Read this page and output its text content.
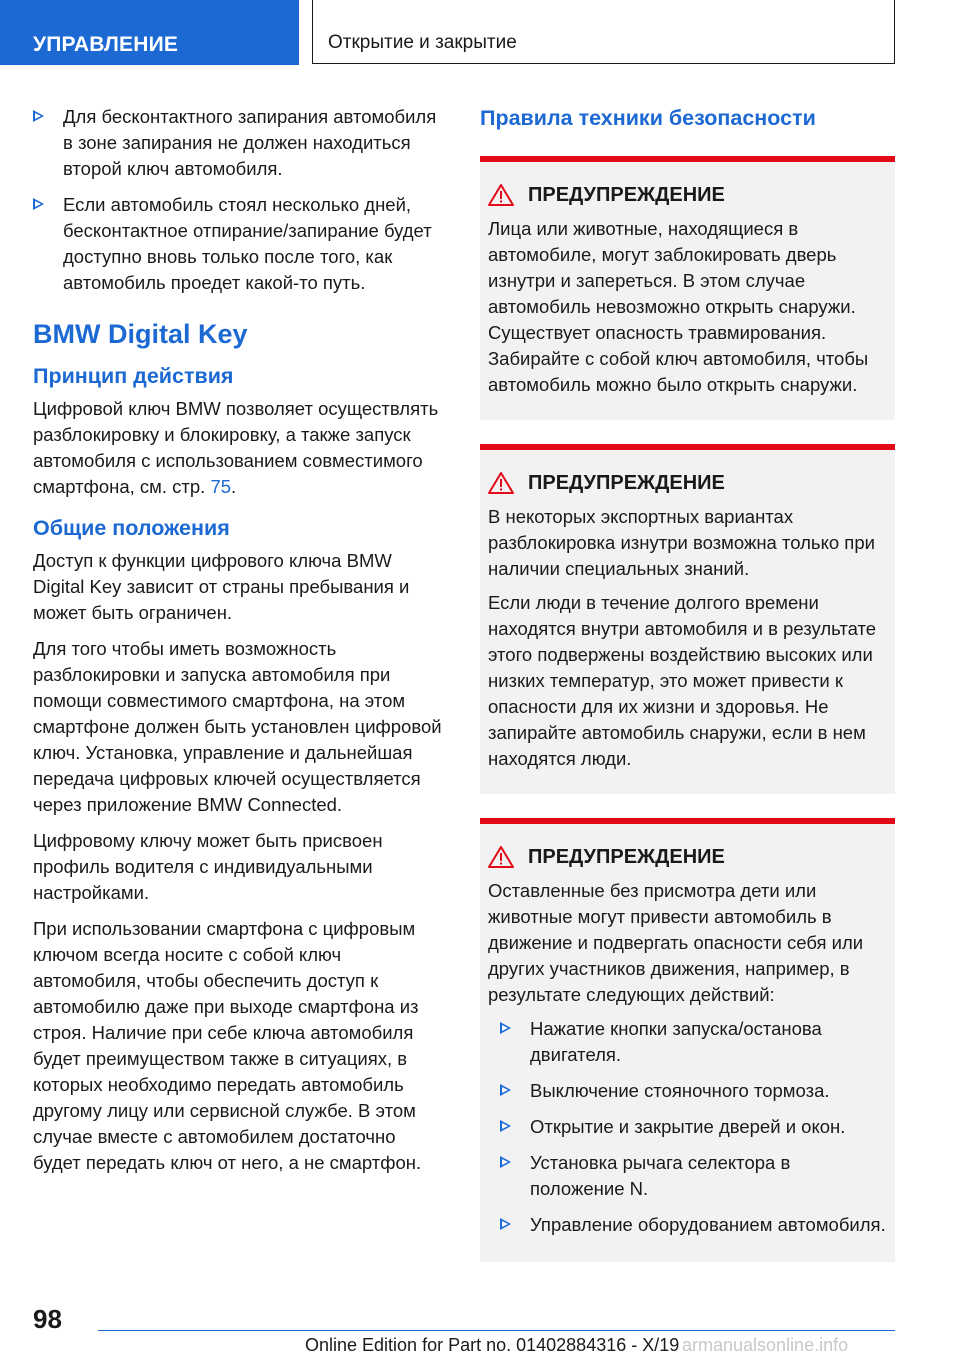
УПРАВЛЕНИЕ	Открытие и закрытие
Для бесконтактного запирания автомобиля в зоне запирания не должен находиться второй ключ автомобиля.
Если автомобиль стоял несколько дней, бесконтактное отпирание/запирание будет доступно вновь только после того, как автомобиль проедет какой-то путь.
BMW Digital Key
Принцип действия

Цифровой ключ BMW позволяет осуществлять разблокировку и блокировку, а также запуск автомобиля с использованием совместимого смартфона, см. стр. 75.

Общие положения

Доступ к функции цифрового ключа BMW Digital Key зависит от страны пребывания и может быть ограничен.

Для того чтобы иметь возможность разблокировки и запуска автомобиля при помощи совместимого смартфона, на этом смартфоне должен быть установлен цифровой ключ. Установка, управление и дальнейшая передача цифровых ключей осуществляется через приложение BMW Connected.

Цифровому ключу может быть присвоен профиль водителя с индивидуальными настройками.

При использовании смартфона с цифровым ключом всегда носите с собой ключ автомобиля, чтобы обеспечить доступ к автомобилю даже при выходе смартфона из строя. Наличие при себе ключа автомобиля будет преимуществом также в ситуациях, в которых необходимо передать автомобиль другому лицу или сервисной службе. В этом случае вместе с автомобилем достаточно будет передать ключ от него, а не смартфон.

Правила техники безопасности
ПРЕДУПРЕЖДЕНИЕ

Лица или животные, находящиеся в автомобиле, могут заблокировать дверь изнутри и запереться. В этом случае автомобиль невозможно открыть снаружи. Существует опасность травмирования. Забирайте с собой ключ автомобиля, чтобы автомобиль можно было открыть снаружи.

ПРЕДУПРЕЖДЕНИЕ

В некоторых экспортных вариантах разблокировка изнутри возможна только при наличии специальных знаний.

Если люди в течение долгого времени находятся внутри автомобиля и в результате этого подвержены воздействию высоких или низких температур, это может привести к опасности для их жизни и здоровья. Не запирайте автомобиль снаружи, если в нем находятся люди.

ПРЕДУПРЕЖДЕНИЕ

Оставленные без присмотра дети или животные могут привести автомобиль в движение и подвергать опасности себя или других участников движения, например, в результате следующих действий:

Нажатие кнопки запуска/останова двигателя.
Выключение стояночного тормоза.
Открытие и закрытие дверей и окон.
Установка рычага селектора в положение N.
Управление оборудованием автомобиля.
98
Online Edition for Part no. 01402884316 - X/19 armanualsonline.info
